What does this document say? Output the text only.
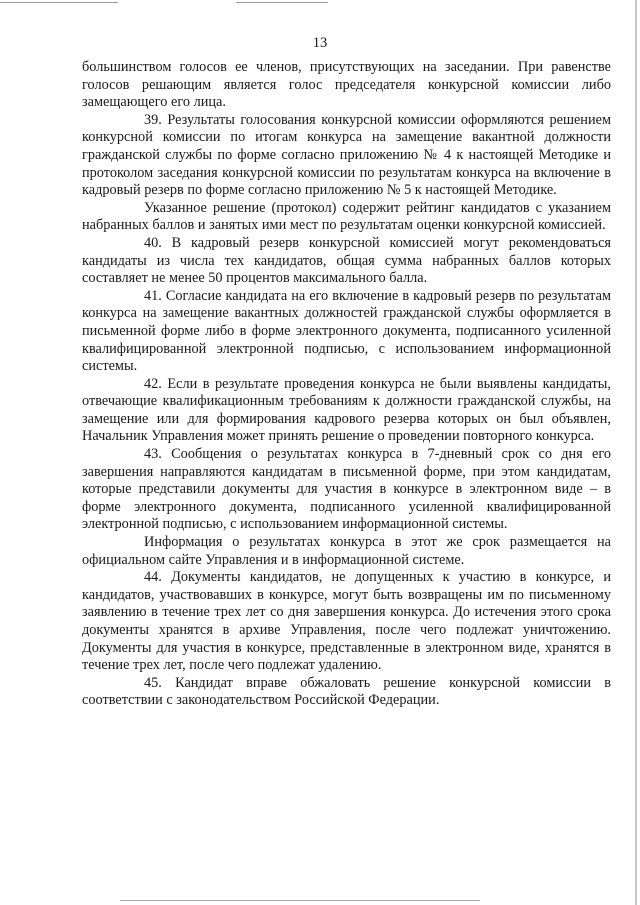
13

большинством голосов ее членов, присутствующих на заседании. При равенстве голосов решающим является голос председателя конкурсной комиссии либо замещающего его лица.

39. Результаты голосования конкурсной комиссии оформляются решением конкурсной комиссии по итогам конкурса на замещение вакантной должности гражданской службы по форме согласно приложению № 4 к настоящей Методике и протоколом заседания конкурсной комиссии по результатам конкурса на включение в кадровый резерв по форме согласно приложению № 5 к настоящей Методике.

Указанное решение (протокол) содержит рейтинг кандидатов с указанием набранных баллов и занятых ими мест по результатам оценки конкурсной комиссией.

40. В кадровый резерв конкурсной комиссией могут рекомендоваться кандидаты из числа тех кандидатов, общая сумма набранных баллов которых составляет не менее 50 процентов максимального балла.

41. Согласие кандидата на его включение в кадровый резерв по результатам конкурса на замещение вакантных должностей гражданской службы оформляется в письменной форме либо в форме электронного документа, подписанного усиленной квалифицированной электронной подписью, с использованием информационной системы.

42. Если в результате проведения конкурса не были выявлены кандидаты, отвечающие квалификационным требованиям к должности гражданской службы, на замещение или для формирования кадрового резерва которых он был объявлен, Начальник Управления может принять решение о проведении повторного конкурса.

43. Сообщения о результатах конкурса в 7-дневный срок со дня его завершения направляются кандидатам в письменной форме, при этом кандидатам, которые представили документы для участия в конкурсе в электронном виде – в форме электронного документа, подписанного усиленной квалифицированной электронной подписью, с использованием информационной системы.

Информация о результатах конкурса в этот же срок размещается на официальном сайте Управления и в информационной системе.

44. Документы кандидатов, не допущенных к участию в конкурсе, и кандидатов, участвовавших в конкурсе, могут быть возвращены им по письменному заявлению в течение трех лет со дня завершения конкурса. До истечения этого срока документы хранятся в архиве Управления, после чего подлежат уничтожению. Документы для участия в конкурсе, представленные в электронном виде, хранятся в течение трех лет, после чего подлежат удалению.

45. Кандидат вправе обжаловать решение конкурсной комиссии в соответствии с законодательством Российской Федерации.
